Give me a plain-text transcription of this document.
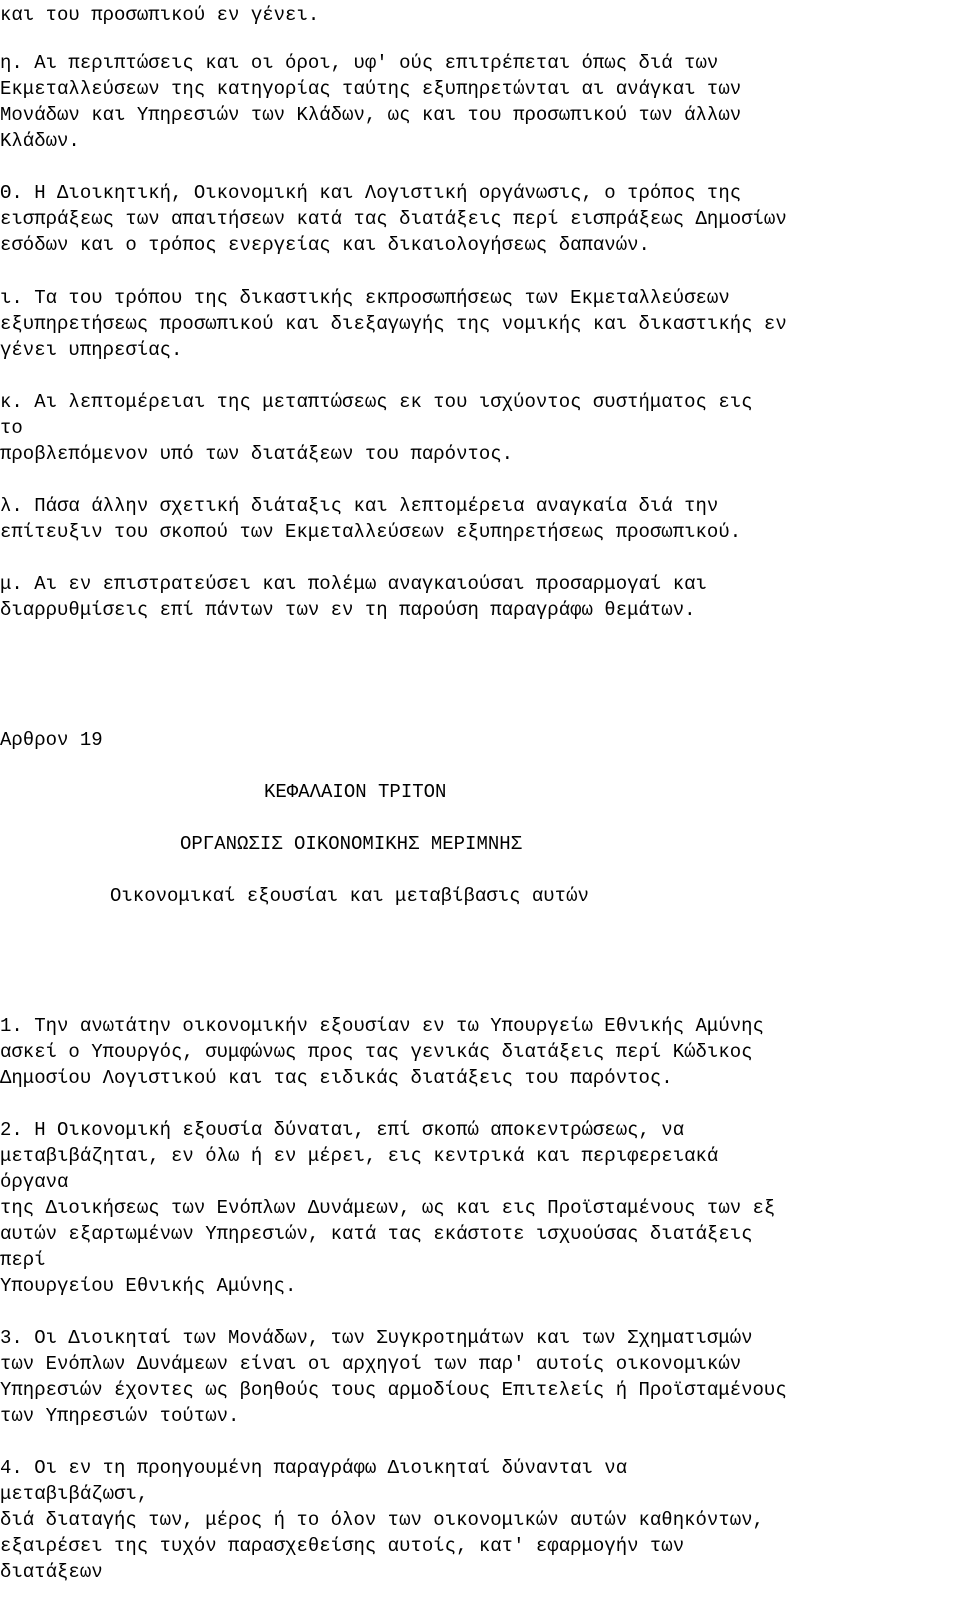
και του προσωπικού εν γένει.
η. Αι περιπτώσεις και οι όροι, υφ' ούς επιτρέπεται όπως διά των
Εκμεταλλεύσεων της κατηγορίας ταύτης εξυπηρετώνται αι ανάγκαι των
Μονάδων και Υπηρεσιών των Κλάδων, ως και του προσωπικού των άλλων
Κλάδων.
Θ. Η Διοικητική, Οικονομική και Λογιστική οργάνωσις, ο τρόπος της
εισπράξεως των απαιτήσεων κατά τας διατάξεις περί εισπράξεως Δημοσίων
εσόδων και ο τρόπος ενεργείας και δικαιολογήσεως δαπανών.
ι. Τα του τρόπου της δικαστικής εκπροσωπήσεως των Εκμεταλλεύσεων
εξυπηρετήσεως προσωπικού και διεξαγωγής της νομικής και δικαστικής εν
γένει υπηρεσίας.
κ. Αι λεπτομέρειαι της μεταπτώσεως εκ του ισχύοντος συστήματος εις
το
προβλεπόμενον υπό των διατάξεων του παρόντος.
λ. Πάσα άλλην σχετική διάταξις και λεπτομέρεια αναγκαία διά την
επίτευξιν του σκοπού των Εκμεταλλεύσεων εξυπηρετήσεως προσωπικού.
μ. Αι εν επιστρατεύσει και πολέμω αναγκαιούσαι προσαρμογαί και
διαρρυθμίσεις επί πάντων των εν τη παρούση παραγράφω θεμάτων.
Αρθρον 19
ΚΕΦΑΛΑΙΟΝ ΤΡΙΤΟΝ
ΟΡΓΑΝΩΣΙΣ ΟΙΚΟΝΟΜΙΚΗΣ ΜΕΡΙΜΝΗΣ
Οικονομικαί εξουσίαι και μεταβίβασις αυτών
1. Την ανωτάτην οικονομικήν εξουσίαν εν τω Υπουργείω Εθνικής Αμύνης
ασκεί ο Υπουργός, συμφώνως προς τας γενικάς διατάξεις περί Κώδικος
Δημοσίου Λογιστικού και τας ειδικάς διατάξεις του παρόντος.
2. Η Οικονομική εξουσία δύναται, επί σκοπώ αποκεντρώσεως, να
μεταβιβάζηται, εν όλω ή εν μέρει, εις κεντρικά και περιφερειακά
όργανα
της Διοικήσεως των Ενόπλων Δυνάμεων, ως και εις Προϊσταμένους των εξ
αυτών εξαρτωμένων Υπηρεσιών, κατά τας εκάστοτε ισχυούσας διατάξεις
περί
Υπουργείου Εθνικής Αμύνης.
3. Οι Διοικηταί των Μονάδων, των Συγκροτημάτων και των Σχηματισμών
των Ενόπλων Δυνάμεων είναι οι αρχηγοί των παρ' αυτοίς οικονομικών
Υπηρεσιών έχοντες ως βοηθούς τους αρμοδίους Επιτελείς ή Προϊσταμένους
των Υπηρεσιών τούτων.
4. Οι εν τη προηγουμένη παραγράφω Διοικηταί δύνανται να
μεταβιβάζωσι,
διά διαταγής των, μέρος ή το όλον των οικονομικών αυτών καθηκόντων,
εξαιρέσει της τυχόν παρασχεθείσης αυτοίς, κατ' εφαρμογήν των
διατάξεων
